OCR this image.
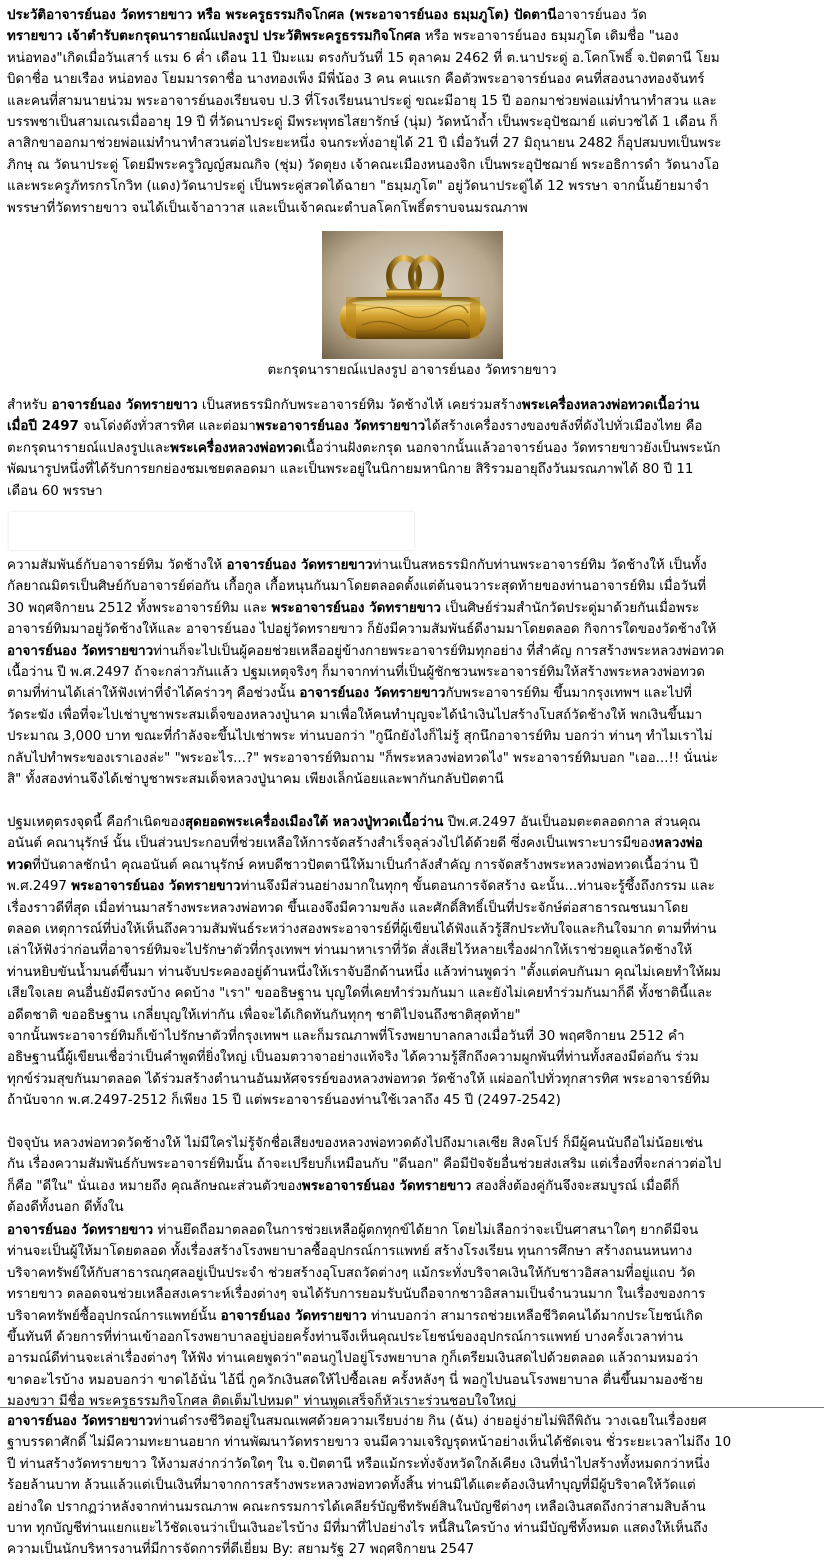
ประวัติอาจารย์นอง วัดทรายขาว หรือ พระครูธรรมกิจโกศล (พระอาจารย์นอง ธมฺมภูโต) ปัดตานีอาจารย์นอง วัด
ทรายขาว เจ้าตำรับตะกรุดนารายณ์แปลงรูป ประวัติพระครูธรรมกิจโกศล หรือ พระอาจารย์นอง ธมฺมภูโต เดิมชื่อ "นอง
หน่อทอง"เกิดเมื่อวันเสาร์ แรม 6 ค่ำ เดือน 11 ปีมะแม ตรงกับวันที่ 15 ตุลาคม 2462 ที่ ต.นาประดู่ อ.โคกโพธิ์ จ.ปัตตานี โยม
บิดาชื่อ นายเรือง หน่อทอง โยมมารดาชื่อ นางทองเพ็ง มีพี่น้อง 3 คน คนแรก คือตัวพระอาจารย์นอง คนที่สองนางทองจันทร์
และคนที่สามนายน่วม พระอาจารย์นองเรียนจบ ป.3 ที่โรงเรียนนาประดู่ ขณะมีอายุ 15 ปี ออกมาช่วยพ่อแม่ทำนาทำสวน และ
บรรพชาเป็นสามเณรเมื่ออายุ 19 ปี ที่วัดนาประดู่ มีพระพุทธไสยารักษ์ (นุ่ม) วัดหน้าถ้ำ เป็นพระอุปัชฌาย์ แต่บวชได้ 1 เดือน ก็
ลาสิกขาออกมาช่วยพ่อแม่ทำนาทำสวนต่อไประยะหนึ่ง จนกระทั่งอายุได้ 21 ปี เมื่อวันที่ 27 มิถุนายน 2482 ก็อุปสมบทเป็นพระ
ภิกษุ ณ วัดนาประดู่ โดยมีพระครูวิญญ์สมณกิจ (ชุ่ม) วัดตุยง เจ้าคณะเมืองหนองจิก เป็นพระอุปัชฌาย์ พระอธิการดำ วัดนางโอ
และพระครูภัทรกรโกวิท (แดง)วัดนาประดู่ เป็นพระคู่สวดได้ฉายา "ธมฺมภูโต" อยู่วัดนาประดู่ได้ 12 พรรษา จากนั้นย้ายมาจำ
พรรษาที่วัดทรายขาว จนได้เป็นเจ้าอาวาส และเป็นเจ้าคณะตำบลโคกโพธิ์ตราบจนมรณภาพ
ตะกรุดนารายณ์แปลงรูป อาจารย์นอง วัดทรายขาว
สำหรับ อาจารย์นอง วัดทรายขาว เป็นสหธรรมิกกับพระอาจารย์ทิม วัดช้างไห้ เคยร่วมสร้างพระเครื่องหลวงพ่อทวดเนื้อว่าน
เมื่อปี 2497 จนโด่งดังทั่วสารทิศ และต่อมาพระอาจารย์นอง วัดทรายขาวได้สร้างเครื่องรางของขลังที่ดังไปทั่วเมืองไทย คือ
ตะกรุดนารายณ์แปลงรูปและพระเครื่องหลวงพ่อทวดเนื้อว่านฝังตะกรุด นอกจากนั้นแล้วอาจารย์นอง วัดทรายขาวยังเป็นพระนัก
พัฒนารูปหนึ่งที่ได้รับการยกย่องชมเชยตลอดมา และเป็นพระอยู่ในนิกายมหานิกาย สิริรวมอายุถึงวันมรณภาพได้ 80 ปี 11
เดือน 60 พรรษา
ความสัมพันธ์กับอาจารย์ทิม วัดช้างให้ อาจารย์นอง วัดทรายขาวท่านเป็นสหธรรมิกกับท่านพระอาจารย์ทิม วัดช้างให้ เป็นทั้ง
กัลยาณมิตรเป็นศิษย์กับอาจารย์ต่อกัน เกื้อกูล เกื้อหนุนกันมาโดยตลอดตั้งแต่ต้นจนวาระสุดท้ายของท่านอาจารย์ทิม เมื่อวันที่
30 พฤศจิกายน 2512 ทั้งพระอาจารย์ทิม และ พระอาจารย์นอง วัดทรายขาว เป็นศิษย์ร่วมสำนักวัดประดู่มาด้วยกันเมื่อพระ
อาจารย์ทิมมาอยู่วัดช้างให้และ อาจารย์นอง ไปอยู่วัดทรายขาว ก็ยังมีความสัมพันธ์ดีงามมาโดยตลอด กิจการใดของวัดช้างให้
อาจารย์นอง วัดทรายขาวท่านก็จะไปเป็นผู้คอยช่วยเหลืออยู่ข้างกายพระอาจารย์ทิมทุกอย่าง ที่สำคัญ การสร้างพระหลวงพ่อทวด
เนื้อว่าน ปี พ.ศ.2497 ถ้าจะกล่าวกันแล้ว ปฐมเหตุจริงๆ ก็มาจากท่านที่เป็นผู้ชักชวนพระอาจารย์ทิมให้สร้างพระหลวงพ่อทวด
ตามที่ท่านได้เล่าให้ฟังเท่าที่จำได้คร่าวๆ คือช่วงนั้น อาจารย์นอง วัดทรายขาวกับพระอาจารย์ทิม ขึ้นมากรุงเทพฯ และไปที่
วัดระฆัง เพื่อที่จะไปเช่าบูชาพระสมเด็จของหลวงปู่นาค มาเพื่อให้คนทำบุญจะได้นำเงินไปสร้างโบสถ์วัดช้างให้ พกเงินขึ้นมา
ประมาณ 3,000 บาท ขณะที่กำลังจะขึ้นไปเช่าพระ ท่านบอกว่า "กูนึกยังไงก็ไม่รู้ สุกนึกอาจารย์ทิม บอกว่า ท่านๆ ทำไมเราไม่
กลับไปทำพระของเราเองล่ะ" "พระอะไร...?" พระอาจารย์ทิมถาม "ก็พระหลวงพ่อทวดไง" พระอาจารย์ทิมบอก "เออ...!! นั่นน่ะ
สิ" ทั้งสองท่านจึงได้เช่าบูชาพระสมเด็จหลวงปู่นาคม เพียงเล็กน้อยและพากันกลับปัตตานี
ปฐมเหตุตรงจุดนี้ คือกำเนิดของสุดยอดพระเครื่องเมืองใต้ หลวงปู่ทวดเนื้อว่าน ปีพ.ศ.2497 อันเป็นอมตะตลอดกาล ส่วนคุณ
อนันต์ คณานุรักษ์ นั้น เป็นส่วนประกอบที่ช่วยเหลือให้การจัดสร้างสำเร็จลุล่วงไปได้ด้วยดี ซึ่งคงเป็นเพราะบารมีของหลวงพ่อ
ทวดที่บันดาลชักนำ คุณอนันต์ คณานุรักษ์ คหบดีชาวปัตตานีให้มาเป็นกำลังสำคัญ การจัดสร้างพระหลวงพ่อทวดเนื้อว่าน ปี
พ.ศ.2497 พระอาจารย์นอง วัดทรายขาวท่านจึงมีส่วนอย่างมากในทุกๆ ขั้นตอนการจัดสร้าง ฉะนั้น...ท่านจะรู้ซึ้งถึงกรรม และ
เรื่องราวดีที่สุด เมื่อท่านมาสร้างพระหลวงพ่อทวด ขึ้นเองจึงมีความขลัง และศักดิ์สิทธิ์เป็นที่ประจักษ์ต่อสาธารณชนมาโดย
ตลอด เหตุการณ์ที่บ่งให้เห็นถึงความสัมพันธ์ระหว่างสองพระอาจารย์ที่ผู้เขียนได้ฟังแล้วรู้สึกประทับใจและกินใจมาก ตามที่ท่าน
เล่าให้ฟังว่าก่อนที่อาจารย์ทิมจะไปรักษาตัวที่กรุงเทพฯ ท่านมาหาเราที่วัด สั่งเสียไว้หลายเรื่องฝากให้เราช่วยดูแลวัดช้างให้
ท่านหยิบขันน้ำมนต์ขึ้นมา ท่านจับประคองอยู่ด้านหนึ่งให้เราจับอีกด้านหนึ่ง แล้วท่านพูดว่า "ตั้งแต่คบกันมา คุณไม่เคยทำให้ผม
เสียใจเลย คนอื่นยังมีตรงบ้าง คดบ้าง "เรา" ขออธิษฐาน บุญใดที่เคยทำร่วมกันมา และยังไม่เคยทำร่วมกันมาก็ดี ทั้งชาตินี้และ
อดีตชาติ ขออธิษฐาน เกลี่ยบุญให้เท่ากัน เพื่อจะได้เกิดทันกันทุกๆ ชาติไปจนถึงชาติสุดท้าย"
จากนั้นพระอาจารย์ทิมก็เข้าไปรักษาตัวที่กรุงเทพฯ และก็มรณภาพที่โรงพยาบาลกลางเมื่อวันที่ 30 พฤศจิกายน 2512 คำ
อธิษฐานนี้ผู้เขียนเชื่อว่าเป็นคำพูดที่ยิ่งใหญ่ เป็นอมตวาจาอย่างแท้จริง ได้ความรู้สึกถึงความผูกพันที่ท่านทั้งสองมีต่อกัน ร่วม
ทุกข์ร่วมสุขกันมาตลอด ได้ร่วมสร้างตำนานอันมหัศจรรย์ของหลวงพ่อทวด วัดช้างให้ แผ่ออกไปทั่วทุกสารทิศ พระอาจารย์ทิม
ถ้านับจาก พ.ศ.2497-2512 ก็เพียง 15 ปี แต่พระอาจารย์นองท่านใช้เวลาถึง 45 ปี (2497-2542)
ปัจจุบัน หลวงพ่อทวดวัดช้างให้ ไม่มีใครไม่รู้จักชื่อเสียงของหลวงพ่อทวดดังไปถึงมาเลเซีย สิงคโปร์ ก็มีผู้คนนับถือไม่น้อยเช่น
กัน เรื่องความสัมพันธ์กับพระอาจารย์ทิมนั้น ถ้าจะเปรียบก็เหมือนกับ "ดีนอก" คือมีปัจจัยอื่นช่วยส่งเสริม แต่เรื่องที่จะกล่าวต่อไป
ก็คือ "ดีใน" นั่นเอง หมายถึง คุณลักษณะส่วนตัวของพระอาจารย์นอง วัดทรายขาว สองสิ่งต้องคู่กันจึงจะสมบูรณ์ เมื่อดีก็
ต้องดีทั้งนอก ดีทั้งใน
อาจารย์นอง วัดทรายขาว ท่านยึดถือมาตลอดในการช่วยเหลือผู้ตกทุกข์ได้ยาก โดยไม่เลือกว่าจะเป็นศาสนาใดๆ ยากดีมีจน
ท่านจะเป็นผู้ให้มาโดยตลอด ทั้งเรื่องสร้างโรงพยาบาลซื้ออุปกรณ์การแพทย์ สร้างโรงเรียน ทุนการศึกษา สร้างถนนหนทาง
บริจาคทรัพย์ให้กับสาธารณกุศลอยู่เป็นประจำ ช่วยสร้างอุโบสถวัดต่างๆ แม้กระทั่งบริจาคเงินให้กับชาวอิสลามที่อยู่แถบ วัด
ทรายขาว ตลอดจนช่วยเหลือสงเคราะห์เรื่องต่างๆ จนได้รับการยอมรับนับถือจากชาวอิสลามเป็นจำนวนมาก ในเรื่องของการ
บริจาคทรัพย์ซื้ออุปกรณ์การแพทย์นั้น อาจารย์นอง วัดทรายขาว ท่านบอกว่า สามารถช่วยเหลือชีวิตคนได้มากประโยชน์เกิด
ขึ้นทันที ด้วยการที่ท่านเข้าออกโรงพยาบาลอยู่บ่อยครั้งท่านจึงเห็นคุณประโยชน์ของอุปกรณ์การแพทย์ บางครั้งเวลาท่าน
อารมณ์ดีท่านจะเล่าเรื่องต่างๆ ให้ฟัง ท่านเคยพูดว่า"ตอนกูไปอยู่โรงพยาบาล กูก็เตรียมเงินสดไปด้วยตลอด แล้วถามหมอว่า
ขาดอะไรบ้าง หมอบอกว่า ขาดไอ้นั่น ไอ้นี่ กูควักเงินสดให้ไปซื้อเลย ครั้งหลังๆ นี่ พอกูไปนอนโรงพยาบาล ตื่นขึ้นมามองซ้าย
มองขวา มีชื่อ พระครูธรรมกิจโกศล ติดเต็มไปหมด" ท่านพูดเสร็จก็หัวเราะร่วนชอบใจใหญ่
อาจารย์นอง วัดทรายขาวท่านดำรงชีวิตอยู่ในสมณเพศด้วยความเรียบง่าย กิน (ฉัน) ง่ายอยู่ง่ายไม่พิถีพิถัน วางเฉยในเรื่องยศ
ฐาบรรดาศักดิ์ ไม่มีความทะยานอยาก ท่านพัฒนาวัดทรายขาว จนมีความเจริญรุดหน้าอย่างเห็นได้ชัดเจน ชั่วระยะเวลาไม่ถึง 10
ปี ท่านสร้างวัดทรายขาว ให้งามสง่ากว่าวัดใดๆ ใน จ.ปัตตานี หรือแม้กระทั่งจังหวัดใกล้เคียง เงินที่นำไปสร้างทั้งหมดกว่าหนึ่ง
ร้อยล้านบาท ล้วนแล้วแต่เป็นเงินที่มาจากการสร้างพระหลวงพ่อทวดทั้งสิ้น ท่านมิได้แตะต้องเงินทำบุญที่มีผู้บริจาคให้วัดแต่
อย่างใด ปรากฏว่าหลังจากท่านมรณภาพ คณะกรรมการได้เคลียร์บัญชีทรัพย์สินในบัญชีต่างๆ เหลือเงินสดถึงกว่าสามสิบล้าน
บาท ทุกบัญชีท่านแยกแยะไว้ชัดเจนว่าเป็นเงินอะไรบ้าง มีที่มาที่ไปอย่างไร หนี้สินใครบ้าง ท่านมีบัญชีทั้งหมด แสดงให้เห็นถึง
ความเป็นนักบริหารงานที่มีการจัดการที่ดีเยี่ยม By: สยามรัฐ 27 พฤศจิกายน 2547
